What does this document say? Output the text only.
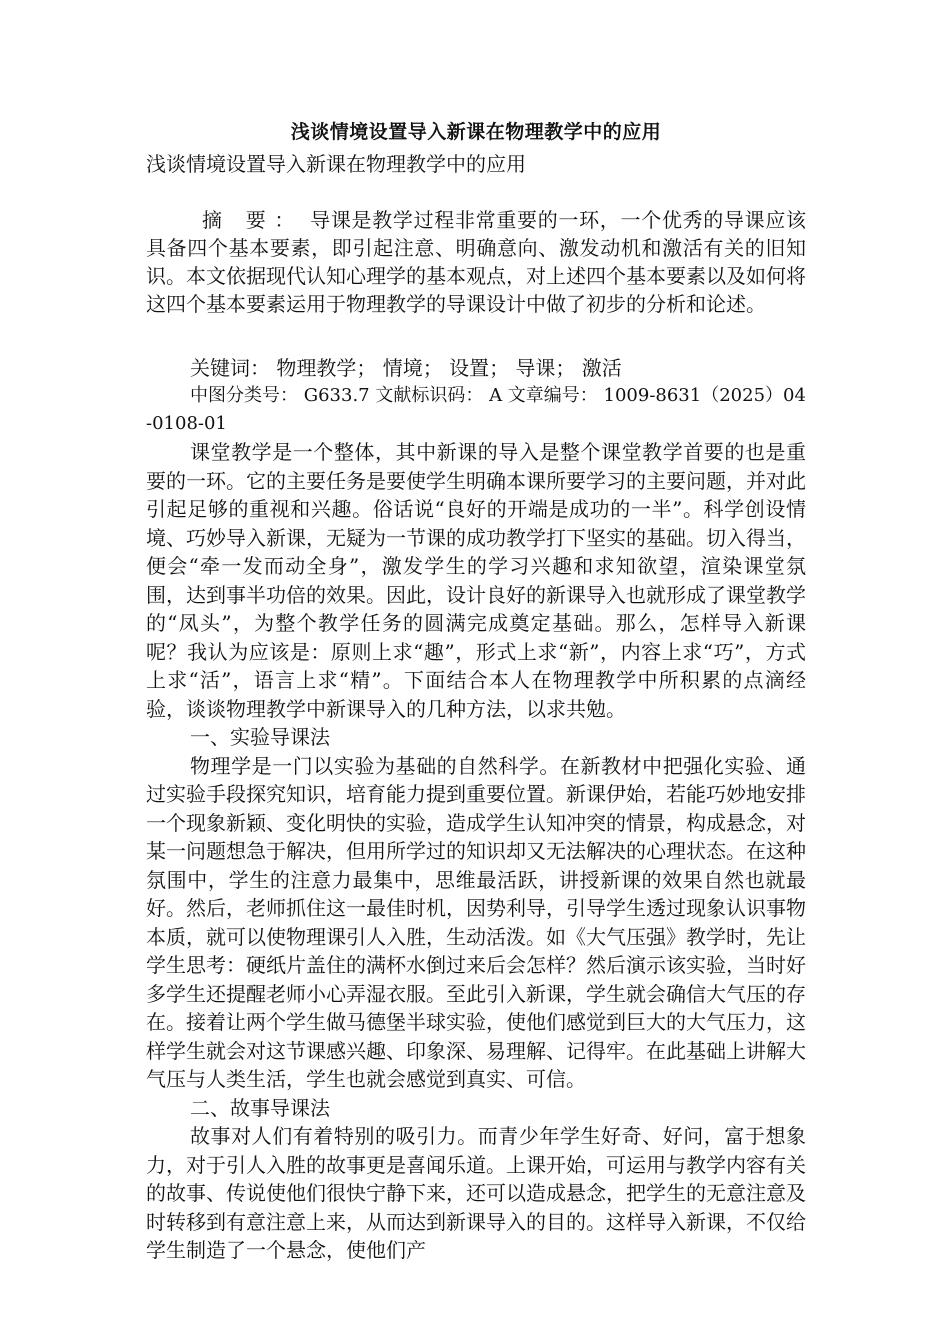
浅谈情境设置导入新课在物理教学中的应用

浅谈情境设置导入新课在物理教学中的应用

摘 要： 导课是教学过程非常重要的一环，一个优秀的导课应该具备四个基本要素，即引起注意、明确意向、激发动机和激活有关的旧知识。本文依据现代认知心理学的基本观点，对上述四个基本要素以及如何将这四个基本要素运用于物理教学的导课设计中做了初步的分析和论述。

关键词： 物理教学； 情境； 设置； 导课； 激活

中图分类号： G633.7 文献标识码： A 文章编号： 1009-8631（2025）04-0108-01

课堂教学是一个整体，其中新课的导入是整个课堂教学首要的也是重要的一环。它的主要任务是要使学生明确本课所要学习的主要问题，并对此引起足够的重视和兴趣。俗话说“良好的开端是成功的一半”。科学创设情境、巧妙导入新课，无疑为一节课的成功教学打下坚实的基础。切入得当，便会“牵一发而动全身”，激发学生的学习兴趣和求知欲望，渲染课堂氛围，达到事半功倍的效果。因此，设计良好的新课导入也就形成了课堂教学的“凤头”，为整个教学任务的圆满完成奠定基础。那么，怎样导入新课呢？我认为应该是：原则上求“趣”，形式上求“新”，内容上求“巧”，方式上求“活”，语言上求“精”。下面结合本人在物理教学中所积累的点滴经验，谈谈物理教学中新课导入的几种方法，以求共勉。

一、实验导课法

物理学是一门以实验为基础的自然科学。在新教材中把强化实验、通过实验手段探究知识，培育能力提到重要位置。新课伊始，若能巧妙地安排一个现象新颖、变化明快的实验，造成学生认知冲突的情景，构成悬念，对某一问题想急于解决，但用所学过的知识却又无法解决的心理状态。在这种氛围中，学生的注意力最集中，思维最活跃，讲授新课的效果自然也就最好。然后，老师抓住这一最佳时机，因势利导，引导学生透过现象认识事物本质，就可以使物理课引人入胜，生动活泼。如《大气压强》教学时，先让学生思考：硬纸片盖住的满杯水倒过来后会怎样？然后演示该实验，当时好多学生还提醒老师小心弄湿衣服。至此引入新课，学生就会确信大气压的存在。接着让两个学生做马德堡半球实验，使他们感觉到巨大的大气压力，这样学生就会对这节课感兴趣、印象深、易理解、记得牢。在此基础上讲解大气压与人类生活，学生也就会感觉到真实、可信。

二、故事导课法

故事对人们有着特别的吸引力。而青少年学生好奇、好问，富于想象力，对于引人入胜的故事更是喜闻乐道。上课开始，可运用与教学内容有关的故事、传说使他们很快宁静下来，还可以造成悬念，把学生的无意注意及时转移到有意注意上来，从而达到新课导入的目的。这样导入新课，不仅给学生制造了一个悬念，使他们产
